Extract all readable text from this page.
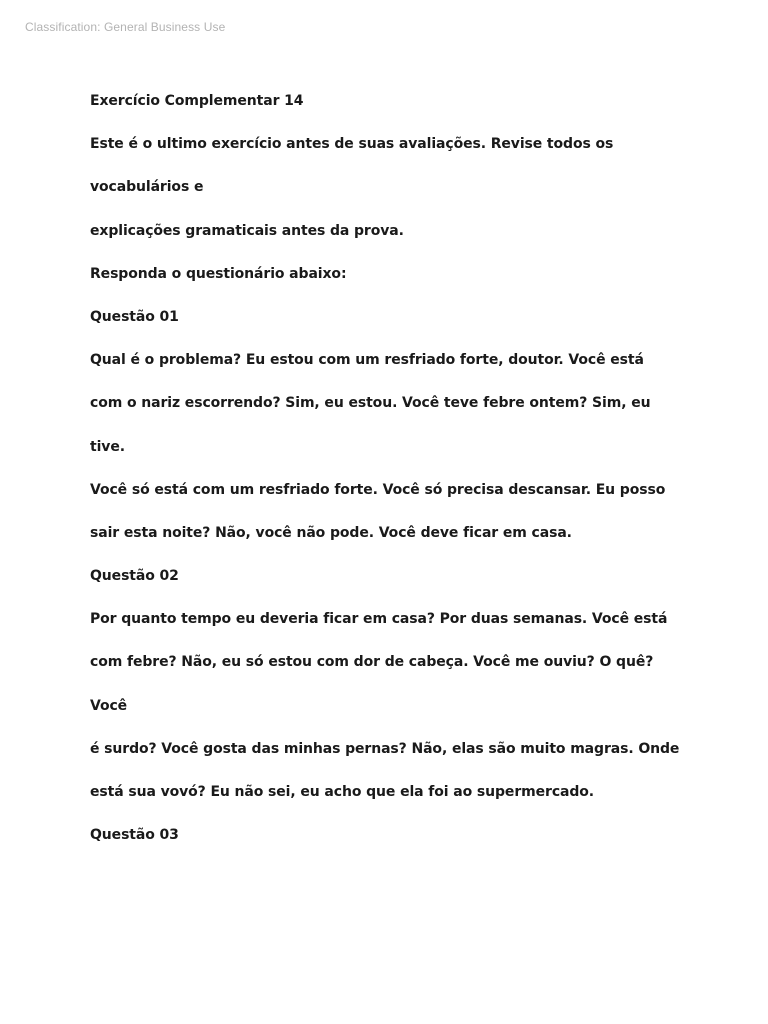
Classification: General Business Use
Exercício Complementar 14
Este é o ultimo exercício antes de suas avaliações. Revise todos os
vocabulários e
explicações gramaticais antes da prova.
Responda o questionário abaixo:
Questão 01
Qual é o problema? Eu estou com um resfriado forte, doutor. Você está
com o nariz escorrendo? Sim, eu estou. Você teve febre ontem? Sim, eu
tive.
Você só está com um resfriado forte. Você só precisa descansar. Eu posso
sair esta noite? Não, você não pode. Você deve ficar em casa.
Questão 02
Por quanto tempo eu deveria ficar em casa? Por duas semanas. Você está
com febre? Não, eu só estou com dor de cabeça. Você me ouviu? O quê?
Você
é surdo? Você gosta das minhas pernas? Não, elas são muito magras. Onde
está sua vovó? Eu não sei, eu acho que ela foi ao supermercado.
Questão 03
